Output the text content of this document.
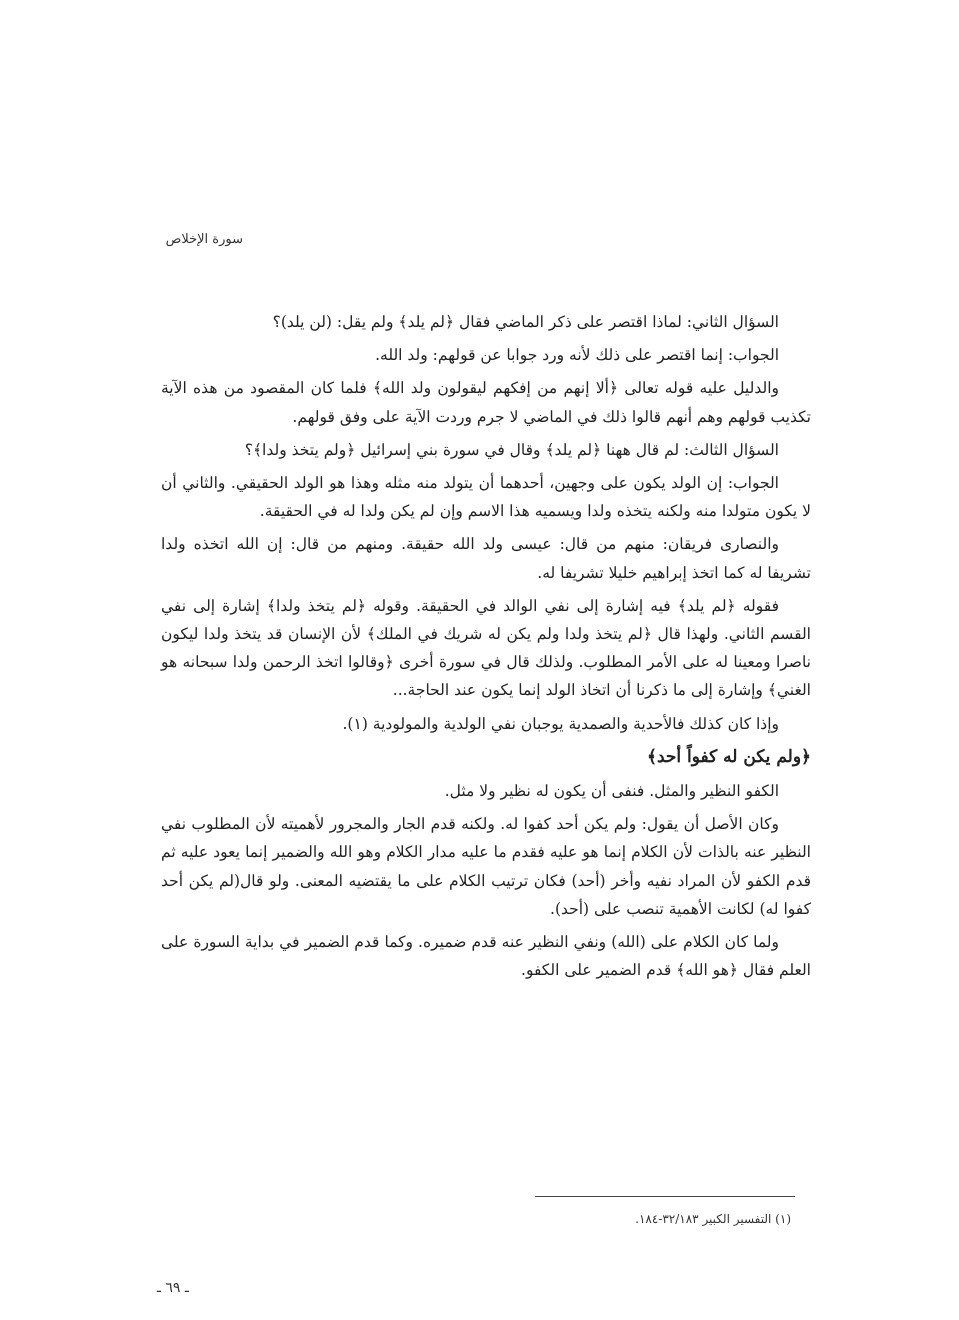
سورة الإخلاص

السؤال الثاني: لماذا اقتصر على ذكر الماضي فقال ﴿لم يلد﴾ ولم يقل: (لن يلد)؟

الجواب: إنما اقتصر على ذلك لأنه ورد جوابا عن قولهم: ولد الله.

والدليل عليه قوله تعالى ﴿ألا إنهم من إفكهم ليقولون ولد الله﴾ فلما كان المقصود من هذه الآية تكذيب قولهم وهم أنهم قالوا ذلك في الماضي لا جرم وردت الآية على وفق قولهم.

السؤال الثالث: لم قال ههنا ﴿لم يلد﴾ وقال في سورة بني إسرائيل ﴿ولم يتخذ ولدا﴾؟

الجواب: إن الولد يكون على وجهين، أحدهما أن يتولد منه مثله وهذا هو الولد الحقيقي. والثاني أن لا يكون متولدا منه ولكنه يتخذه ولدا ويسميه هذا الاسم وإن لم يكن ولدا له في الحقيقة.

والنصارى فريقان: منهم من قال: عيسى ولد الله حقيقة. ومنهم من قال: إن الله اتخذه ولدا تشريفا له كما اتخذ إبراهيم خليلا تشريفا له.

فقوله ﴿لم يلد﴾ فيه إشارة إلى نفي الوالد في الحقيقة. وقوله ﴿لم يتخذ ولدا﴾ إشارة إلى نفي القسم الثاني. ولهذا قال ﴿لم يتخذ ولدا ولم يكن له شريك في الملك﴾ لأن الإنسان قد يتخذ ولدا ليكون ناصرا ومعينا له على الأمر المطلوب. ولذلك قال في سورة أخرى ﴿وقالوا اتخذ الرحمن ولدا سبحانه هو الغني﴾ وإشارة إلى ما ذكرنا أن اتخاذ الولد إنما يكون عند الحاجة...

وإذا كان كذلك فالأحدية والصمدية يوجبان نفي الولدية والمولودية (١).

﴿ولم يكن له كفواً أحد﴾

الكفو النظير والمثل. فنفى أن يكون له نظير ولا مثل.

وكان الأصل أن يقول: ولم يكن أحد كفوا له. ولكنه قدم الجار والمجرور لأهميته لأن المطلوب نفي النظير عنه بالذات لأن الكلام إنما هو عليه فقدم ما عليه مدار الكلام وهو الله والضمير إنما يعود عليه ثم قدم الكفو لأن المراد نفيه وأخر (أحد) فكان ترتيب الكلام على ما يقتضيه المعنى. ولو قال(لم يكن أحد كفوا له) لكانت الأهمية تنصب على (أحد).

ولما كان الكلام على (الله) ونفي النظير عنه قدم ضميره. وكما قدم الضمير في بداية السورة على العلم فقال ﴿هو الله﴾ قدم الضمير على الكفو.

(١) التفسير الكبير ٣٢/١٨٣-١٨٤.
ـ ٦٩ ـ
